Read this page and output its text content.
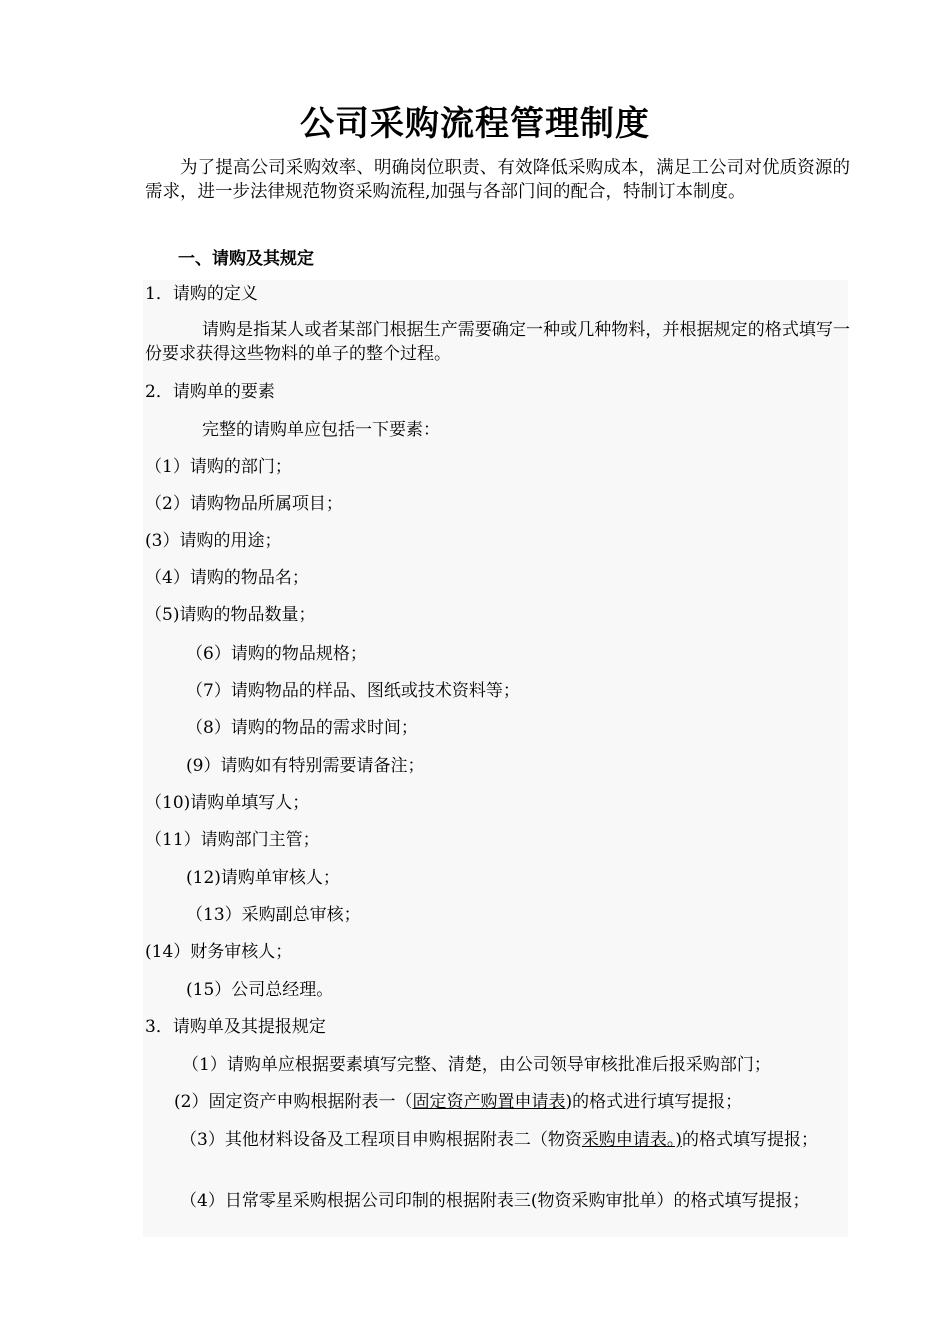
公司采购流程管理制度

为了提高公司采购效率、明确岗位职责、有效降低采购成本，满足工公司对优质资源的需求，进一步法律规范物资采购流程,加强与各部门间的配合，特制订本制度。

一、请购及其规定

1．请购的定义

请购是指某人或者某部门根据生产需要确定一种或几种物料，并根据规定的格式填写一份要求获得这些物料的单子的整个过程。

2．请购单的要素

完整的请购单应包括一下要素：

（1）请购的部门；

（2）请购物品所属项目；

(3）请购的用途；

（4）请购的物品名；

（5)请购的物品数量；

（6）请购的物品规格；

（7）请购物品的样品、图纸或技术资料等；

（8）请购的物品的需求时间；

(9）请购如有特别需要请备注；

（10)请购单填写人；

（11）请购部门主管；

(12)请购单审核人；

（13）采购副总审核；

(14）财务审核人；

(15）公司总经理。

3．请购单及其提报规定

（1）请购单应根据要素填写完整、清楚，由公司领导审核批准后报采购部门；

(2）固定资产申购根据附表一（固定资产购置申请表)的格式进行填写提报；

（3）其他材料设备及工程项目申购根据附表二（物资采购申请表。)的格式填写提报；

（4）日常零星采购根据公司印制的根据附表三(物资采购审批单）的格式填写提报；
